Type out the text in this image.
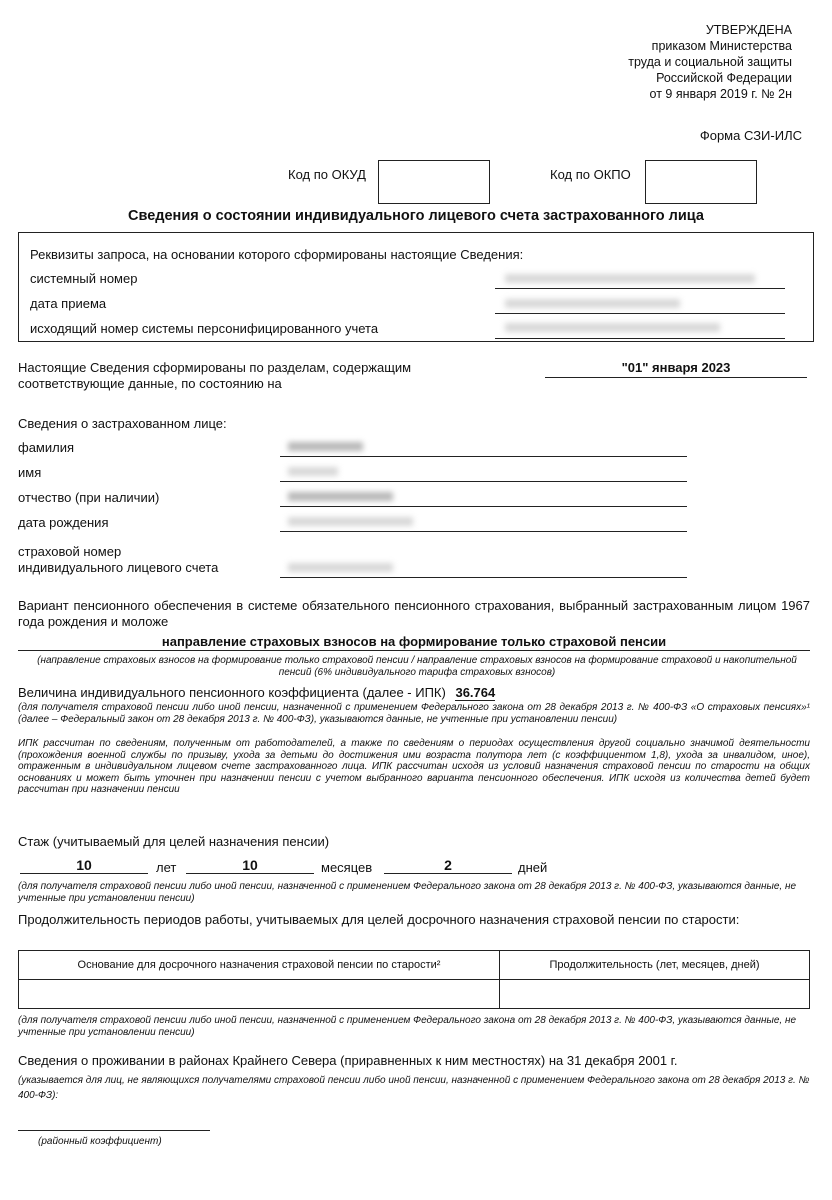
УТВЕРЖДЕНА
приказом Министерства
труда и социальной защиты
Российской Федерации
от 9 января 2019 г. № 2н
Форма СЗИ-ИЛС
Код по ОКУД	Код по ОКПО
Сведения о состоянии индивидуального лицевого счета застрахованного лица
Реквизиты запроса, на основании которого сформированы настоящие Сведения:
системный номер
дата приема
исходящий номер системы персонифицированного учета
Настоящие Сведения сформированы по разделам, содержащим
соответствующие данные, по состоянию на
"01" января 2023
Сведения о застрахованном лице:
фамилия
имя
отчество (при наличии)
дата рождения
страховой номер
индивидуального лицевого счета
Вариант пенсионного обеспечения в системе обязательного пенсионного страхования, выбранный застрахованным лицом 1967 года рождения и моложе
направление страховых взносов на формирование только страховой пенсии
(направление страховых взносов на формирование только страховой пенсии / направление страховых взносов на формирование страховой и накопительной пенсий (6% индивидуального тарифа страховых взносов)
Величина индивидуального пенсионного коэффициента (далее - ИПК) 36.764
(для получателя страховой пенсии либо иной пенсии, назначенной с применением Федерального закона от 28 декабря 2013 г. № 400-ФЗ «О страховых пенсиях»¹ (далее – Федеральный закон от 28 декабря 2013 г. № 400-ФЗ), указываются данные, не учтенные при установлении пенсии)
ИПК рассчитан по сведениям, полученным от работодателей, а также по сведениям о периодах осуществления другой социально значимой деятельности (прохождения военной службы по призыву, ухода за детьми до достижения ими возраста полутора лет (с коэффициентом 1,8), ухода за инвалидом, иное), отраженным в индивидуальном лицевом счете застрахованного лица. ИПК рассчитан исходя из условий назначения страховой пенсии по старости на общих основаниях и может быть уточнен при назначении пенсии с учетом выбранного варианта пенсионного обеспечения. ИПК исходя из количества детей будет рассчитан при назначении пенсии
Стаж (учитываемый для целей назначения пенсии)
10	лет	10	месяцев	2	дней
(для получателя страховой пенсии либо иной пенсии, назначенной с применением Федерального закона от 28 декабря 2013 г. № 400-ФЗ, указываются данные, не учтенные при установлении пенсии)
Продолжительность периодов работы, учитываемых для целей досрочного назначения страховой пенсии по старости:
Основание для досрочного назначения страховой пенсии по старости²	Продолжительность (лет, месяцев, дней)

(для получателя страховой пенсии либо иной пенсии, назначенной с применением Федерального закона от 28 декабря 2013 г. № 400-ФЗ, указываются данные, не учтенные при установлении пенсии)
Сведения о проживании в районах Крайнего Севера (приравненных к ним местностях) на 31 декабря 2001 г.
(указывается для лиц, не являющихся получателями страховой пенсии либо иной пенсии, назначенной с применением Федерального закона от 28 декабря 2013 г. № 400-ФЗ):
(районный коэффициент)
